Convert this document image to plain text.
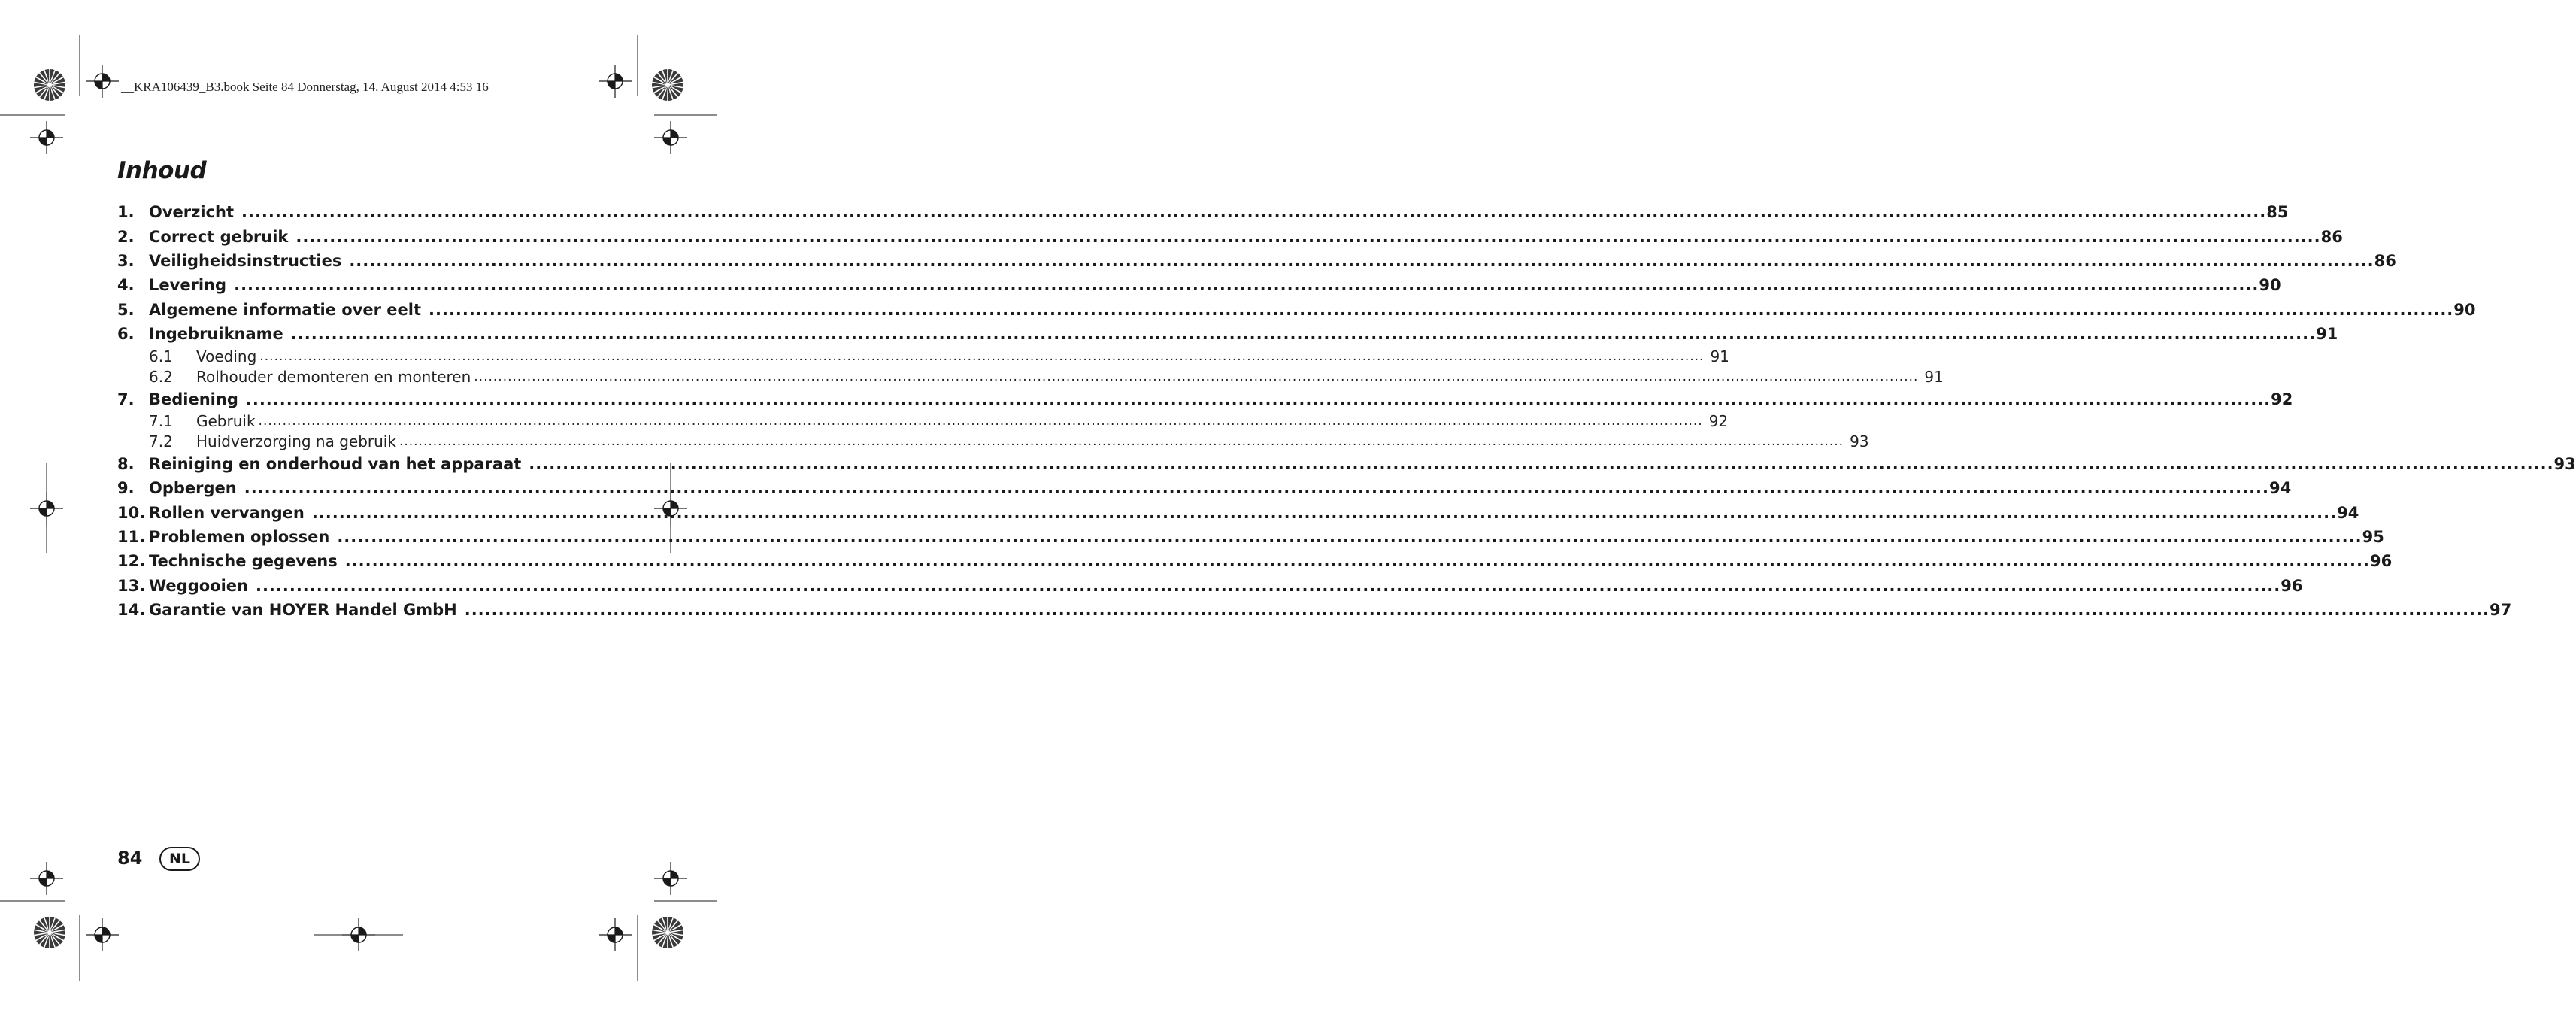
__KRA106439_B3.book Seite 84 Donnerstag, 14. August 2014 4:53 16
Inhoud
1. Overzicht ............................................................................................................................................................................................................................................................................................................ 85
2. Correct gebruik ............................................................................................................................................................................................................................................................................................................ 86
3. Veiligheidsinstructies ............................................................................................................................................................................................................................................................................................................ 86
4. Levering ............................................................................................................................................................................................................................................................................................................ 90
5. Algemene informatie over eelt ............................................................................................................................................................................................................................................................................................................ 90
6. Ingebruikname ............................................................................................................................................................................................................................................................................................................ 91
6.1	Voeding ............................................................................................................................................................................................................................................................................................................ 91
6.2	Rolhouder demonteren en monteren ............................................................................................................................................................................................................................................................................................................ 91
7. Bediening ............................................................................................................................................................................................................................................................................................................ 92
7.1	Gebruik ............................................................................................................................................................................................................................................................................................................ 92
7.2	Huidverzorging na gebruik ............................................................................................................................................................................................................................................................................................................ 93
8. Reiniging en onderhoud van het apparaat ............................................................................................................................................................................................................................................................................................................ 93
9. Opbergen ............................................................................................................................................................................................................................................................................................................ 94
10. Rollen vervangen ............................................................................................................................................................................................................................................................................................................ 94
11. Problemen oplossen ............................................................................................................................................................................................................................................................................................................ 95
12. Technische gegevens ............................................................................................................................................................................................................................................................................................................ 96
13. Weggooien ............................................................................................................................................................................................................................................................................................................ 96
14. Garantie van HOYER Handel GmbH ............................................................................................................................................................................................................................................................................................................ 97
84	NL
